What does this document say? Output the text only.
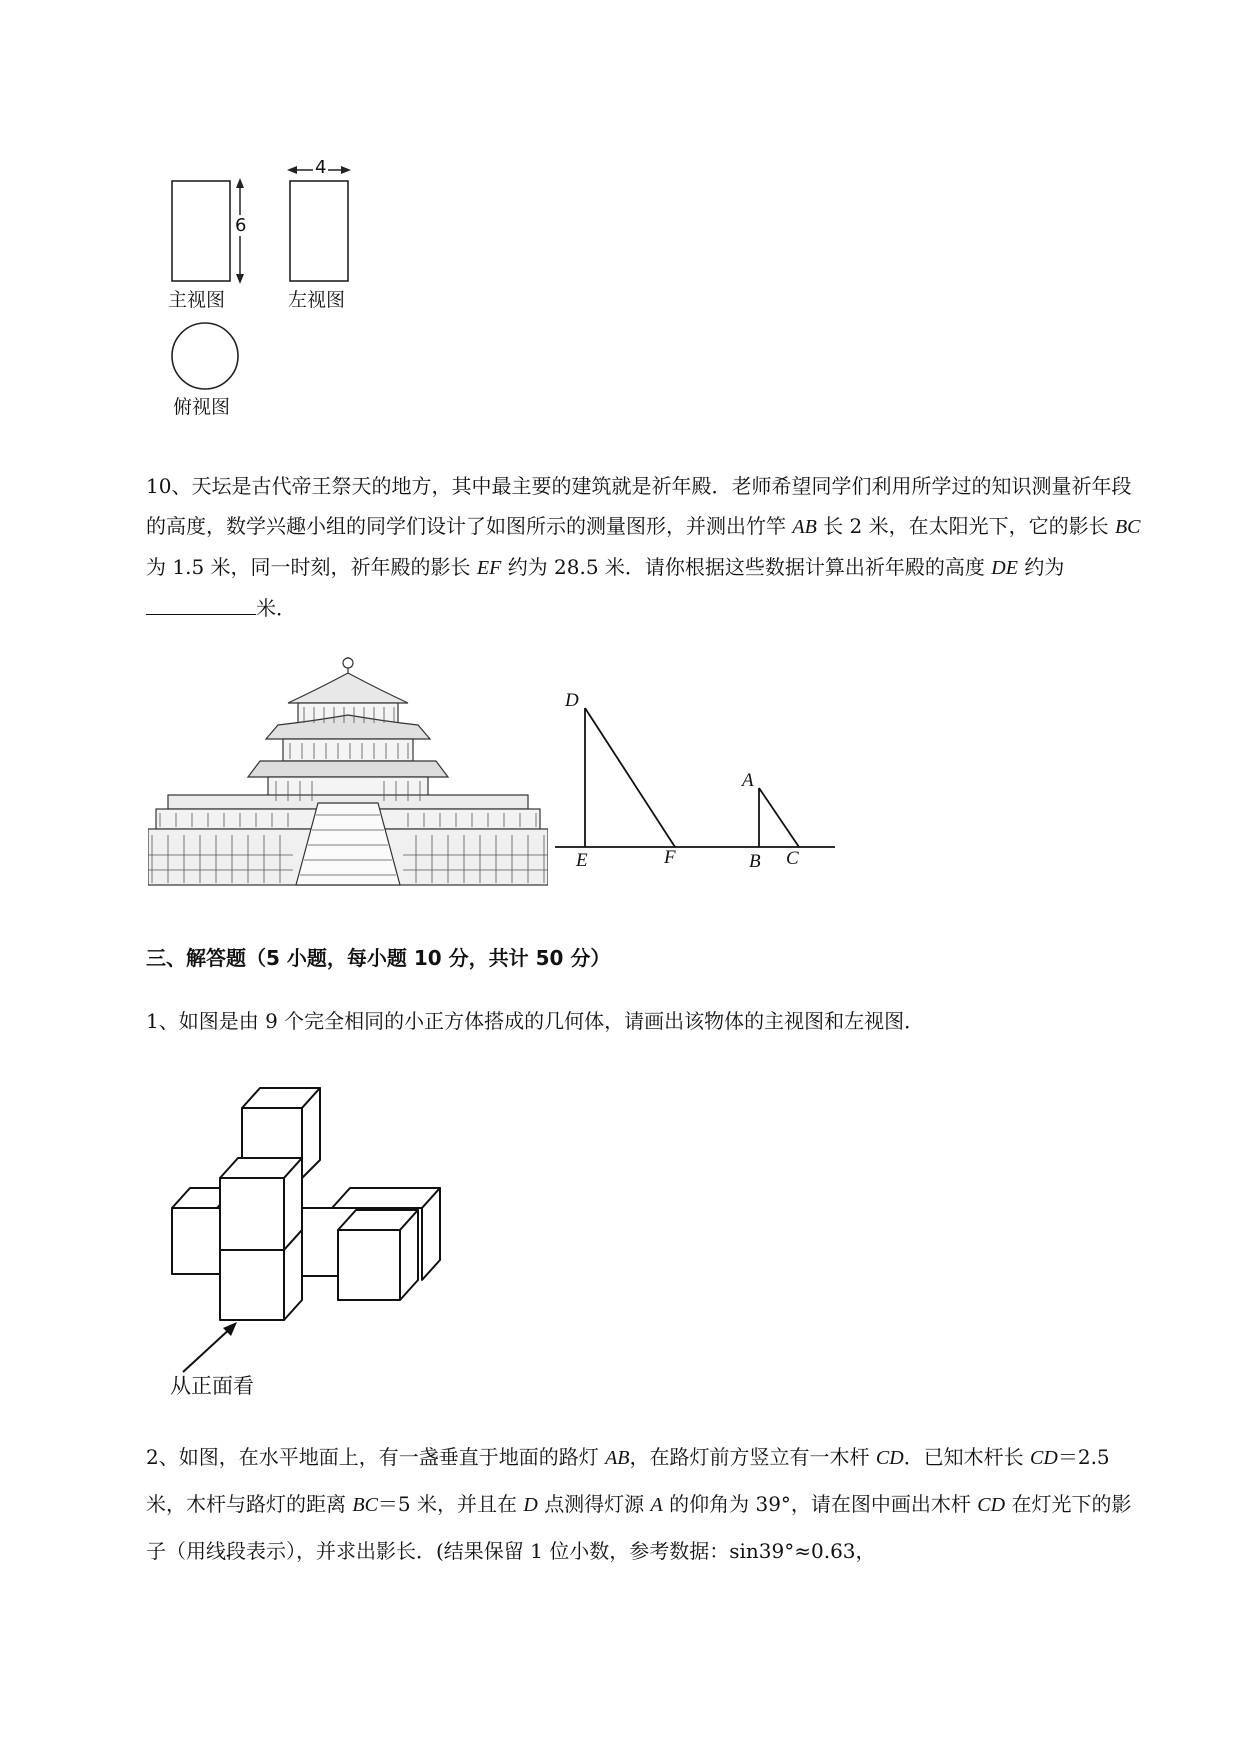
6
4
主视图	左视图
俯视图
10、天坛是古代帝王祭天的地方，其中最主要的建筑就是祈年殿．老师希望同学们利用所学过的知识测量祈年段的高度，数学兴趣小组的同学们设计了如图所示的测量图形，并测出竹竿 AB 长 2 米，在太阳光下，它的影长 BC 为 1.5 米，同一时刻，祈年殿的影长 EF 约为 28.5 米．请你根据这些数据计算出祈年殿的高度 DE 约为米．
D
E	F
A
B C
三、解答题（5 小题，每小题 10 分，共计 50 分）
1、如图是由 9 个完全相同的小正方体搭成的几何体，请画出该物体的主视图和左视图．
从正面看
2、如图，在水平地面上，有一盏垂直于地面的路灯 AB，在路灯前方竖立有一木杆 CD．已知木杆长 CD＝2.5 米，木杆与路灯的距离 BC＝5 米，并且在 D 点测得灯源 A 的仰角为 39°，请在图中画出木杆 CD 在灯光下的影子（用线段表示），并求出影长．(结果保留 1 位小数，参考数据：sin39°≈0.63，
